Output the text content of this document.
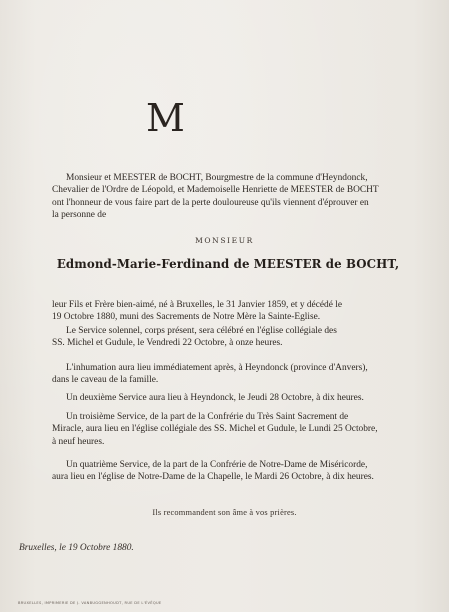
M
Monsieur et MEESTER de BOCHT, Bourgmestre de la commune d'Heyndonck,
Chevalier de l'Ordre de Léopold, et Mademoiselle Henriette de MEESTER de BOCHT
ont l'honneur de vous faire part de la perte douloureuse qu'ils viennent d'éprouver en
la personne de
MONSIEUR
Edmond-Marie-Ferdinand de MEESTER de BOCHT,
leur Fils et Frère bien-aimé, né à Bruxelles, le 31 Janvier 1859, et y décédé le
19 Octobre 1880, muni des Sacrements de Notre Mère la Sainte-Eglise.
Le Service solennel, corps présent, sera célébré en l'église collégiale des
SS. Michel et Gudule, le Vendredi 22 Octobre, à onze heures.
L'inhumation aura lieu immédiatement après, à Heyndonck (province d'Anvers),
dans le caveau de la famille.
Un deuxième Service aura lieu à Heyndonck, le Jeudi 28 Octobre, à dix heures.
Un troisième Service, de la part de la Confrérie du Très Saint Sacrement de
Miracle, aura lieu en l'église collégiale des SS. Michel et Gudule, le Lundi 25 Octobre,
à neuf heures.
Un quatrième Service, de la part de la Confrérie de Notre-Dame de Miséricorde,
aura lieu en l'église de Notre-Dame de la Chapelle, le Mardi 26 Octobre, à dix heures.
Ils recommandent son âme à vos prières.
Bruxelles, le 19 Octobre 1880.
BRUXELLES, IMPRIMERIE DE J. VANBUGGENHOUDT, RUE DE L'ÉVÊQUE
